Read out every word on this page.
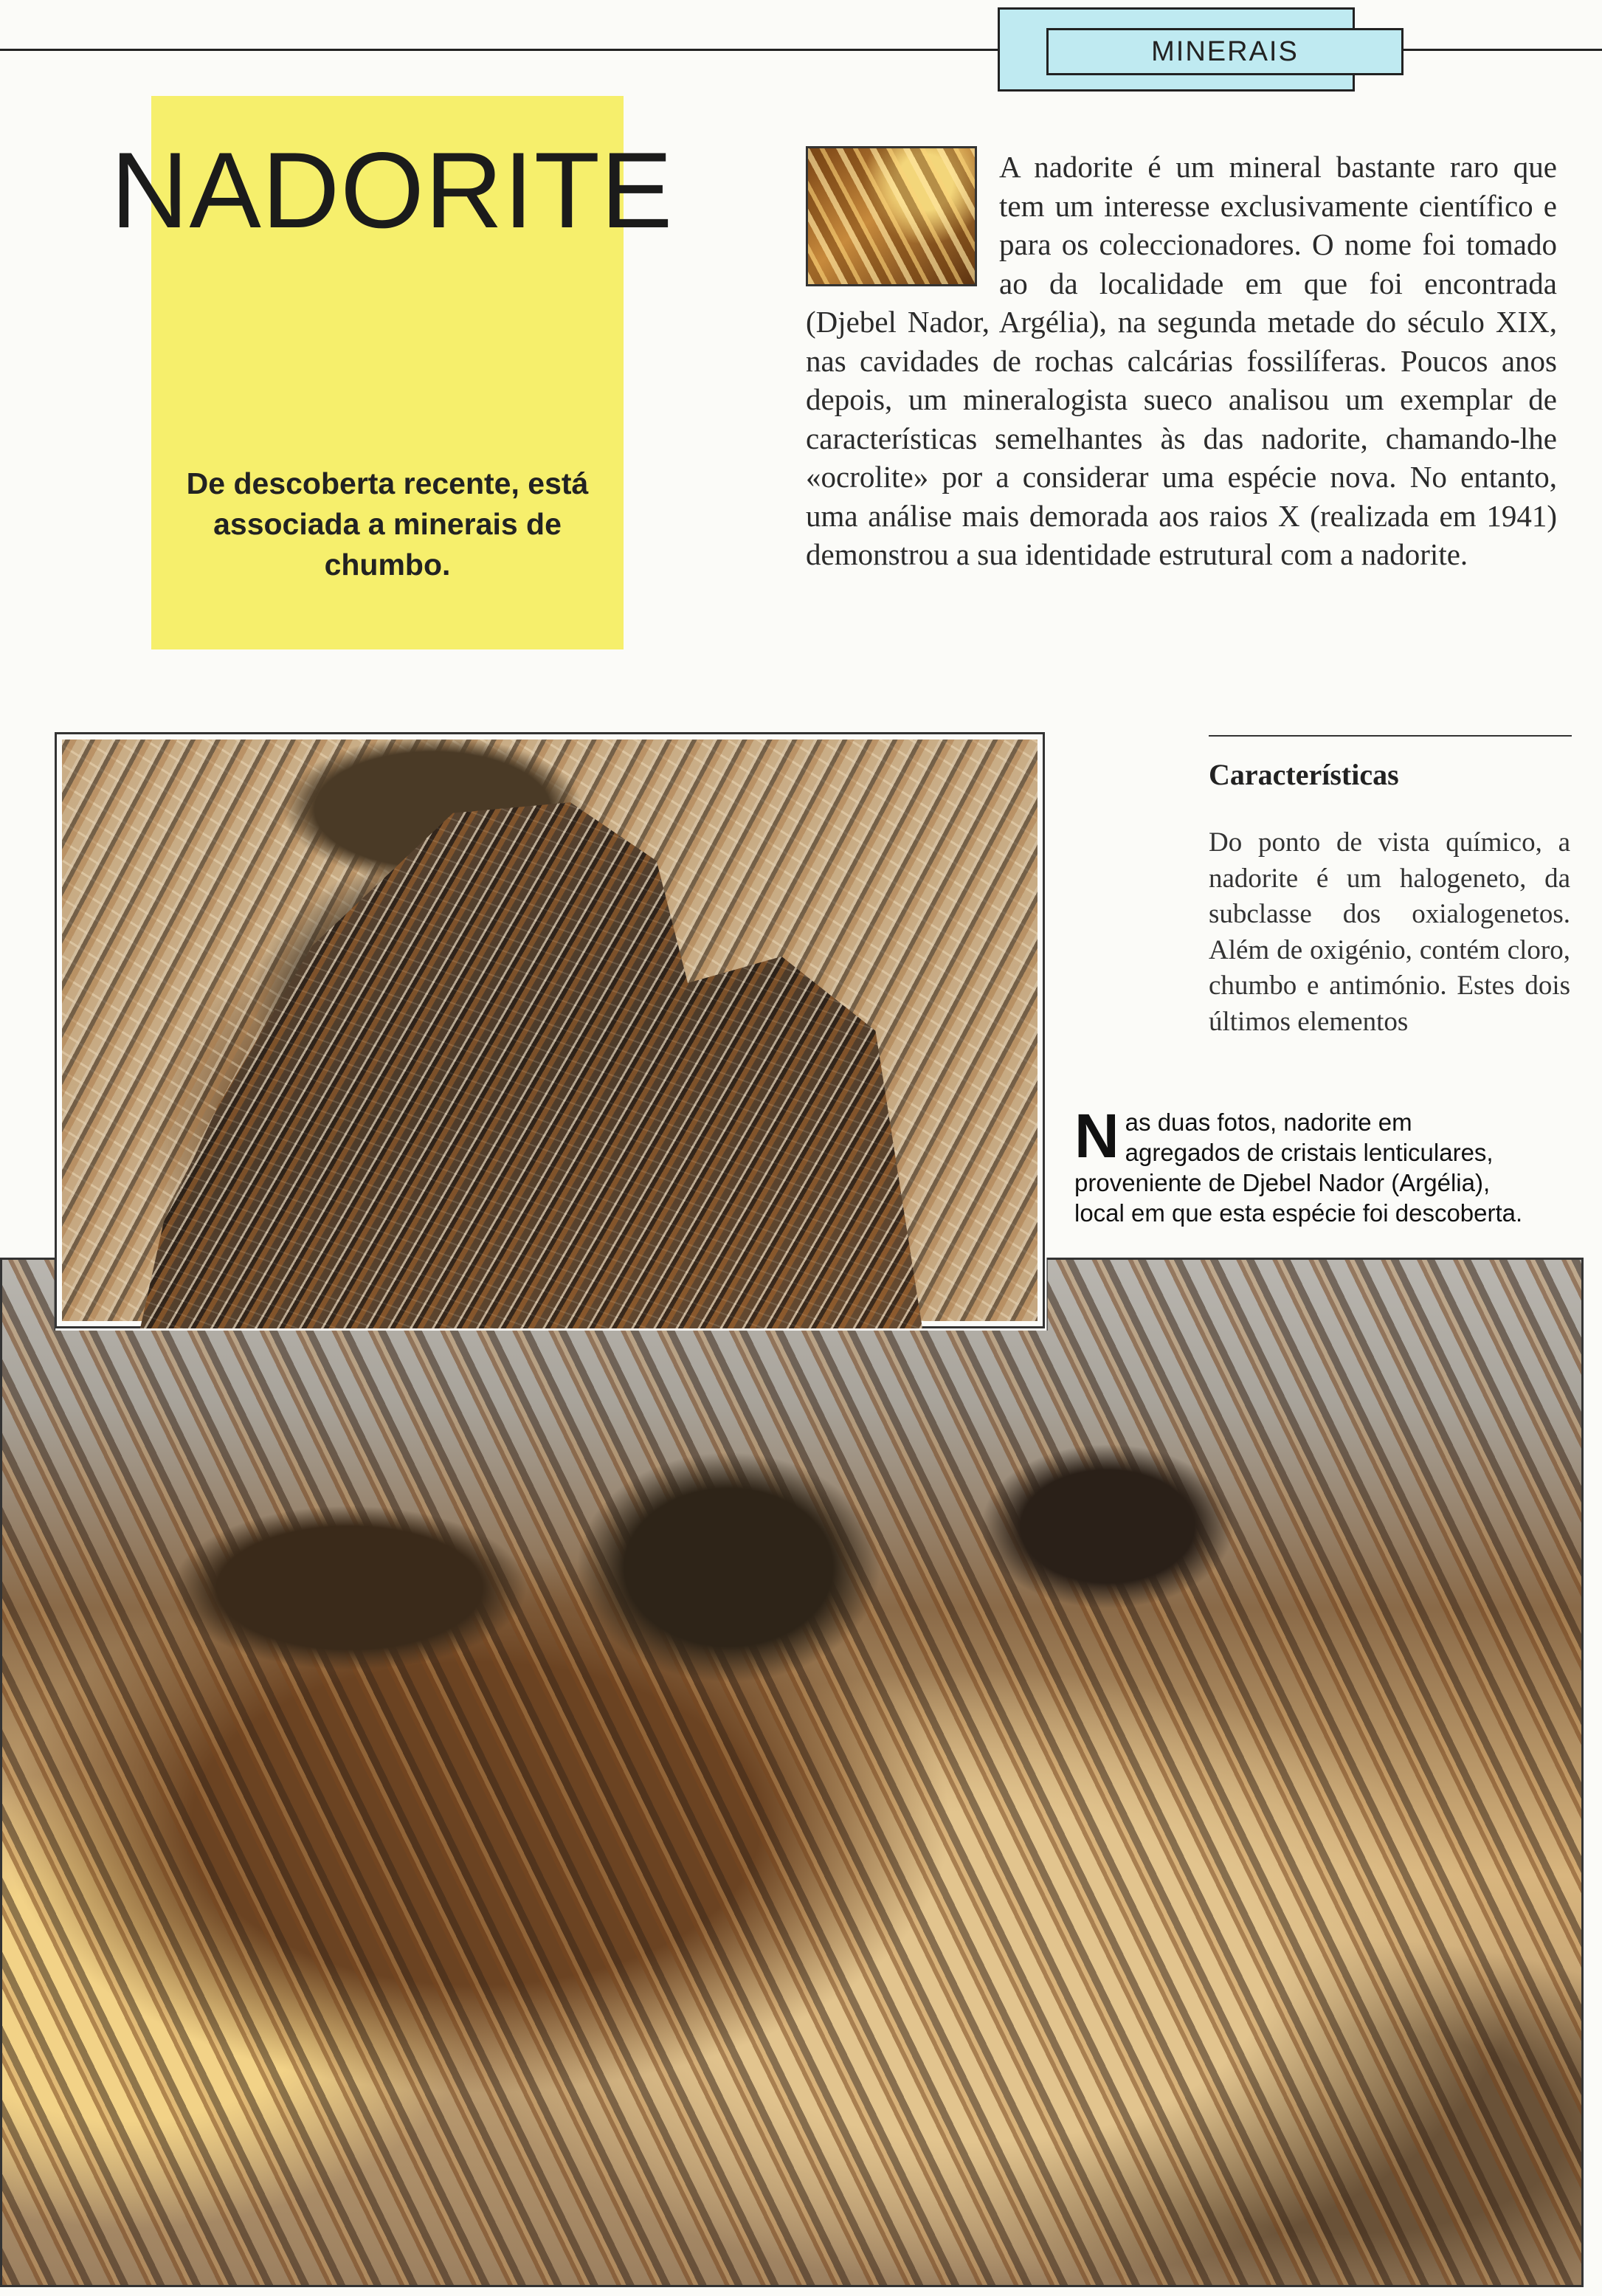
MINERAIS
NADORITE
De descoberta recente, está associada a minerais de chumbo.
A nadorite é um mineral bastante raro que tem um interesse exclusivamente científico e para os coleccionadores. O nome foi tomado ao da localidade em que foi encontrada (Djebel Nador, Argélia), na segunda metade do século XIX, nas cavidades de rochas calcárias fossilíferas. Poucos anos depois, um mineralogista sueco analisou um exemplar de características semelhantes às das nadorite, chamando-lhe «ocrolite» por a considerar uma espécie nova. No entanto, uma análise mais demorada aos raios X (realizada em 1941) demonstrou a sua identidade estrutural com a nadorite.
Características
Do ponto de vista químico, a nadorite é um halogeneto, da subclasse dos oxialogenetos. Além de oxigénio, contém cloro, chumbo e antimónio. Estes dois últimos elementos
Nas duas fotos, nadorite em agregados de cristais lenticulares, proveniente de Djebel Nador (Argélia), local em que esta espécie foi descoberta.
